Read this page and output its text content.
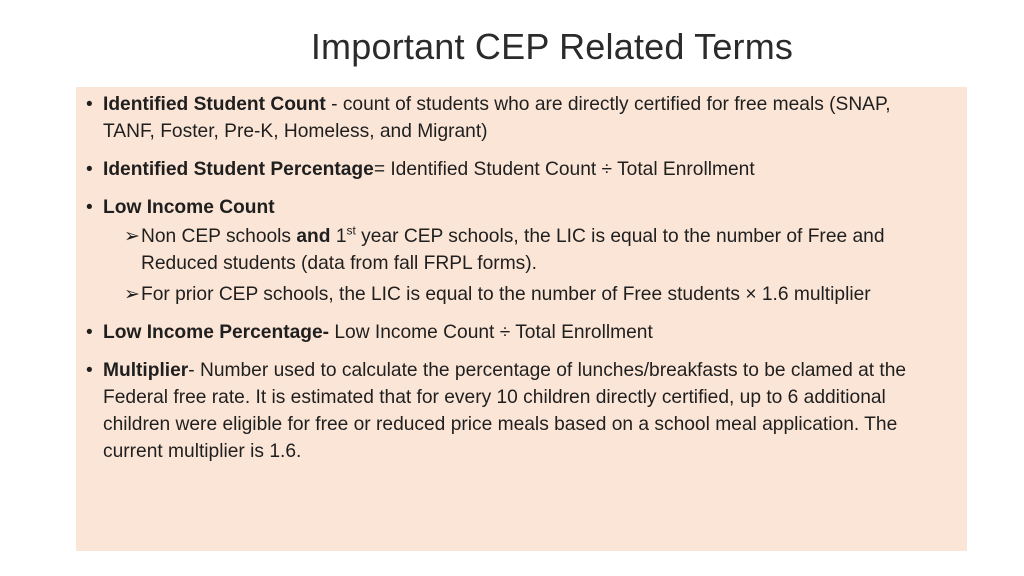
Important CEP Related Terms
• Identified Student Count - count of students who are directly certified for free meals (SNAP, TANF, Foster, Pre-K, Homeless, and Migrant)
• Identified Student Percentage= Identified Student Count ÷ Total Enrollment
• Low Income Count
➢ Non CEP schools and 1st year CEP schools, the LIC is equal to the number of Free and Reduced students (data from fall FRPL forms).
➢ For prior CEP schools, the LIC is equal to the number of Free students × 1.6 multiplier
• Low Income Percentage- Low Income Count ÷ Total Enrollment
• Multiplier- Number used to calculate the percentage of lunches/breakfasts to be clamed at the Federal free rate. It is estimated that for every 10 children directly certified, up to 6 additional children were eligible for free or reduced price meals based on a school meal application. The current multiplier is 1.6.
